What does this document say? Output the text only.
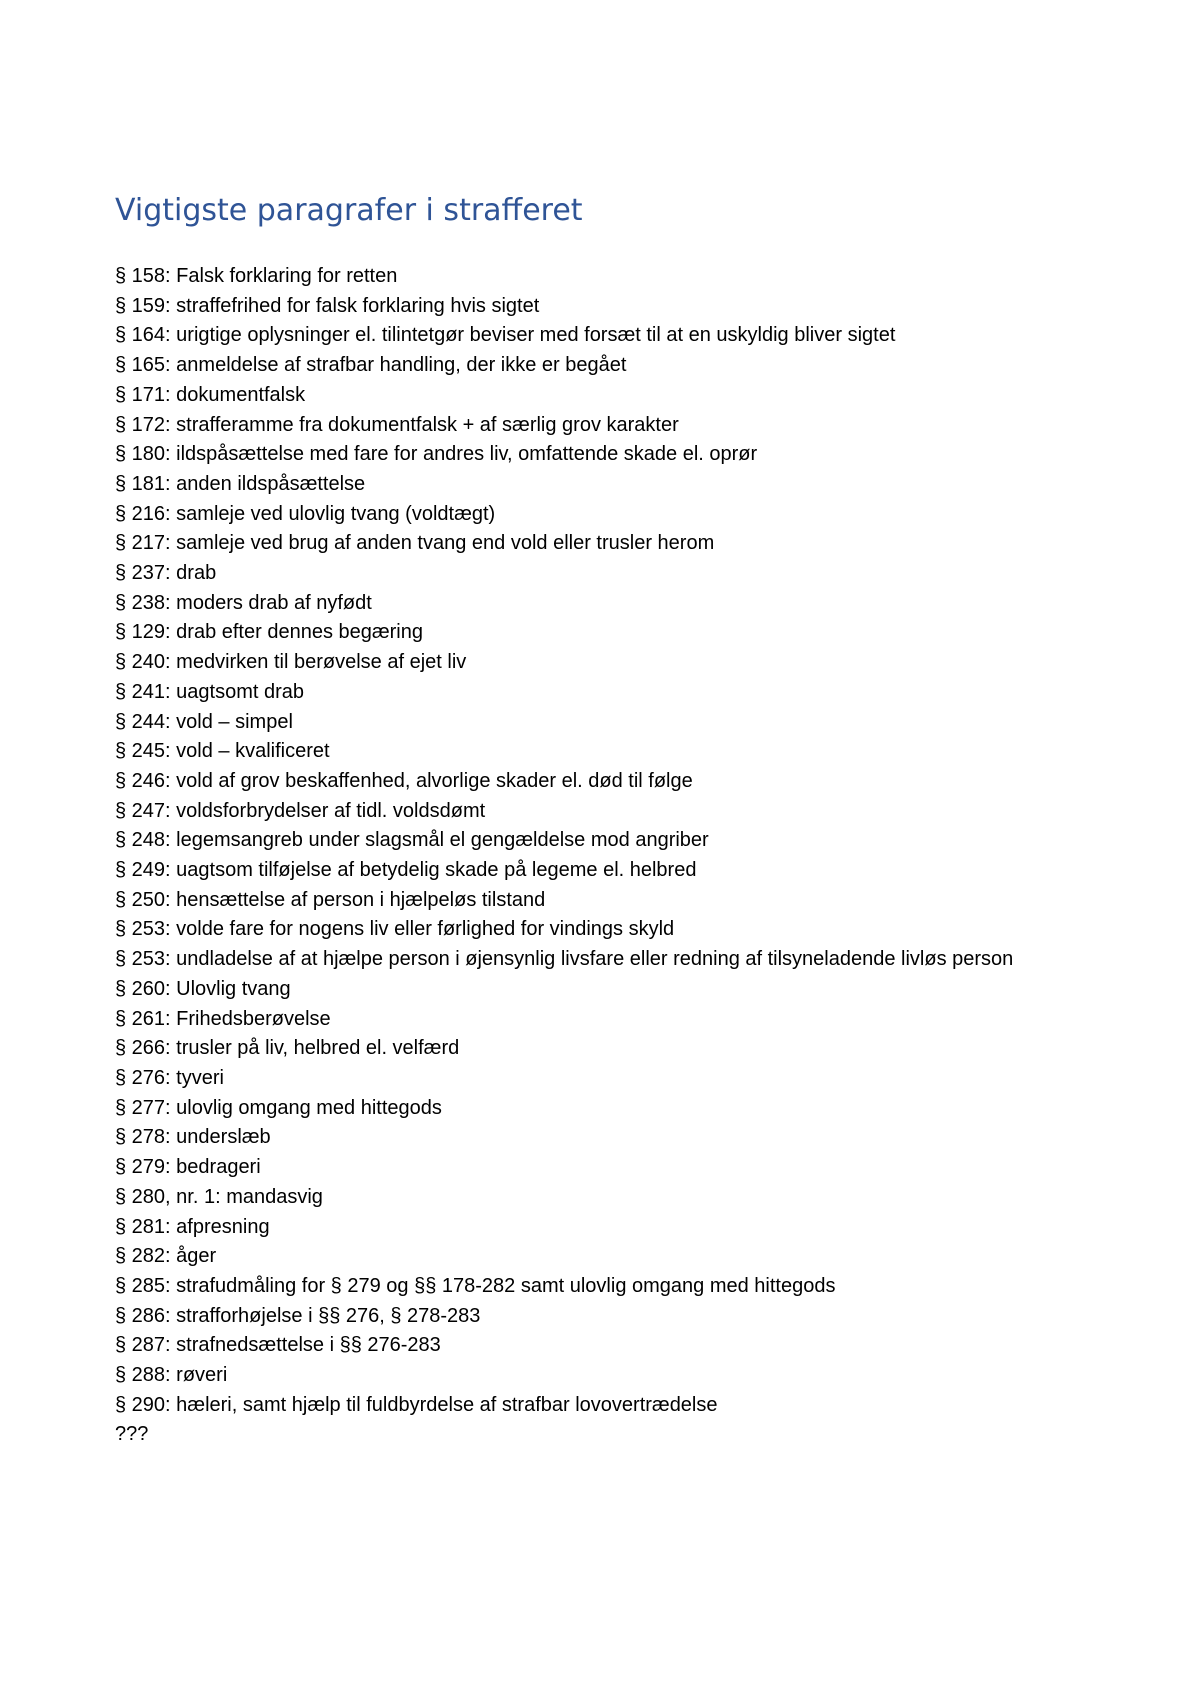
Vigtigste paragrafer i strafferet
§ 158: Falsk forklaring for retten
§ 159: straffefrihed for falsk forklaring hvis sigtet
§ 164: urigtige oplysninger el. tilintetgør beviser med forsæt til at en uskyldig bliver sigtet
§ 165: anmeldelse af strafbar handling, der ikke er begået
§ 171: dokumentfalsk
§ 172: strafferamme fra dokumentfalsk + af særlig grov karakter
§ 180: ildspåsættelse med fare for andres liv, omfattende skade el. oprør
§ 181: anden ildspåsættelse
§ 216: samleje ved ulovlig tvang (voldtægt)
§ 217: samleje ved brug af anden tvang end vold eller trusler herom
§ 237: drab
§ 238: moders drab af nyfødt
§ 129: drab efter dennes begæring
§ 240: medvirken til berøvelse af ejet liv
§ 241: uagtsomt drab
§ 244: vold – simpel
§ 245: vold – kvalificeret
§ 246: vold af grov beskaffenhed, alvorlige skader el. død til følge
§ 247: voldsforbrydelser af tidl. voldsdømt
§ 248: legemsangreb under slagsmål el gengældelse mod angriber
§ 249: uagtsom tilføjelse af betydelig skade på legeme el. helbred
§ 250: hensættelse af person i hjælpeløs tilstand
§ 253: volde fare for nogens liv eller førlighed for vindings skyld
§ 253: undladelse af at hjælpe person i øjensynlig livsfare eller redning af tilsyneladende livløs person
§ 260: Ulovlig tvang
§ 261: Frihedsberøvelse
§ 266: trusler på liv, helbred el. velfærd
§ 276: tyveri
§ 277: ulovlig omgang med hittegods
§ 278: underslæb
§ 279: bedrageri
§ 280, nr. 1: mandasvig
§ 281: afpresning
§ 282: åger
§ 285: strafudmåling for § 279 og §§ 178-282 samt ulovlig omgang med hittegods
§ 286: strafforhøjelse i §§ 276, § 278-283
§ 287: strafnedsættelse i §§ 276-283
§ 288: røveri
§ 290: hæleri, samt hjælp til fuldbyrdelse af strafbar lovovertrædelse
???
